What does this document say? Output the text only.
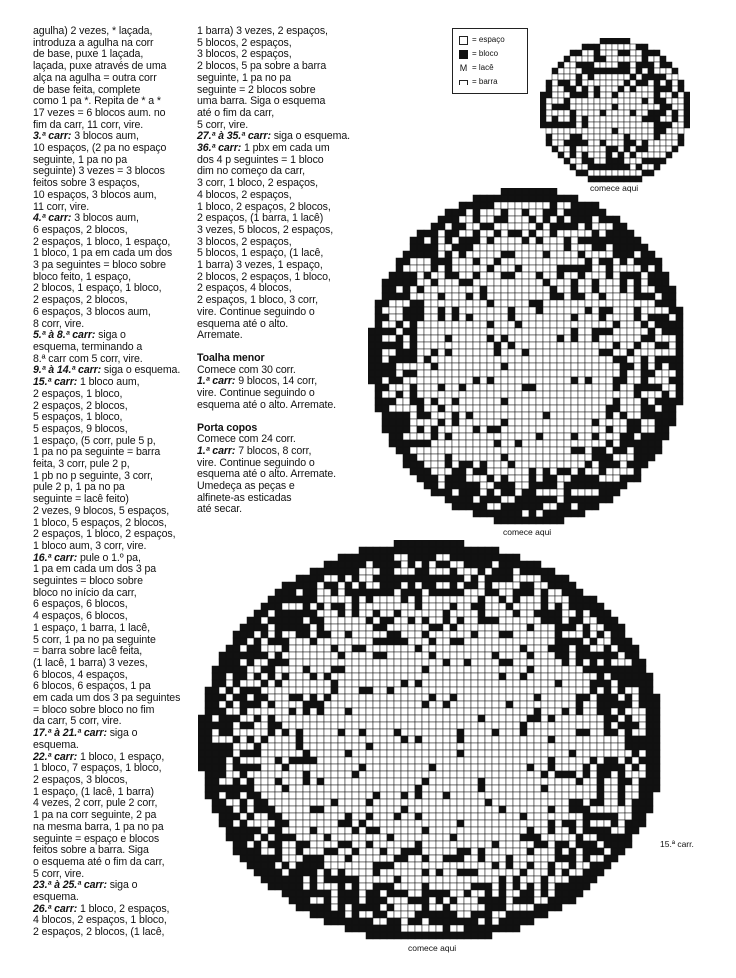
agulha) 2 vezes, * laçada,
introduza a agulha na corr
de base, puxe 1 laçada,
laçada, puxe através de uma
alça na agulha = outra corr
de base feita, complete
como 1 pa *. Repita de * a *
17 vezes = 6 blocos aum. no
fim da carr, 11 corr, vire.
3.ª carr: 3 blocos aum,
10 espaços, (2 pa no espaço
seguinte, 1 pa no pa
seguinte) 3 vezes = 3 blocos
feitos sobre 3 espaços,
10 espaços, 3 blocos aum,
11 corr, vire.
4.ª carr: 3 blocos aum,
6 espaços, 2 blocos,
2 espaços, 1 bloco, 1 espaço,
1 bloco, 1 pa em cada um dos
3 pa seguintes = bloco sobre
bloco feito, 1 espaço,
2 blocos, 1 espaço, 1 bloco,
2 espaços, 2 blocos,
6 espaços, 3 blocos aum,
8 corr, vire.
5.ª à 8.ª carr: siga o
esquema, terminando a
8.ª carr com 5 corr, vire.
9.ª à 14.ª carr: siga o esquema.
15.ª carr: 1 bloco aum,
2 espaços, 1 bloco,
2 espaços, 2 blocos,
5 espaços, 1 bloco,
5 espaços, 9 blocos,
1 espaço, (5 corr, pule 5 p,
1 pa no pa seguinte = barra
feita, 3 corr, pule 2 p,
1 pb no p seguinte, 3 corr,
pule 2 p, 1 pa no pa
seguinte = lacê feito)
2 vezes, 9 blocos, 5 espaços,
1 bloco, 5 espaços, 2 blocos,
2 espaços, 1 bloco, 2 espaços,
1 bloco aum, 3 corr, vire.
16.ª carr: pule o 1.º pa,
1 pa em cada um dos 3 pa
seguintes = bloco sobre
bloco no início da carr,
6 espaços, 6 blocos,
4 espaços, 6 blocos,
1 espaço, 1 barra, 1 lacê,
5 corr, 1 pa no pa seguinte
= barra sobre lacê feita,
(1 lacê, 1 barra) 3 vezes,
6 blocos, 4 espaços,
6 blocos, 6 espaços, 1 pa
em cada um dos 3 pa seguintes
= bloco sobre bloco no fim
da carr, 5 corr, vire.
17.ª à 21.ª carr: siga o
esquema.
22.ª carr: 1 bloco, 1 espaço,
1 bloco, 7 espaços, 1 bloco,
2 espaços, 3 blocos,
1 espaço, (1 lacê, 1 barra)
4 vezes, 2 corr, pule 2 corr,
1 pa na corr seguinte, 2 pa
na mesma barra, 1 pa no pa
seguinte = espaço e blocos
feitos sobre a barra. Siga
o esquema até o fim da carr,
5 corr, vire.
23.ª à 25.ª carr: siga o
esquema.
26.ª carr: 1 bloco, 2 espaços,
4 blocos, 2 espaços, 1 bloco,
2 espaços, 2 blocos, (1 lacê,
1 barra) 3 vezes, 2 espaços,
5 blocos, 2 espaços,
3 blocos, 2 espaços,
2 blocos, 5 pa sobre a barra
seguinte, 1 pa no pa
seguinte = 2 blocos sobre
uma barra. Siga o esquema
até o fim da carr,
5 corr, vire.
27.ª à 35.ª carr: siga o esquema.
36.ª carr: 1 pbx em cada um
dos 4 p seguintes = 1 bloco
dim no começo da carr,
3 corr, 1 bloco, 2 espaços,
4 blocos, 2 espaços,
1 bloco, 2 espaços, 2 blocos,
2 espaços, (1 barra, 1 lacê)
3 vezes, 5 blocos, 2 espaços,
3 blocos, 2 espaços,
5 blocos, 1 espaço, (1 lacê,
1 barra) 3 vezes, 1 espaço,
2 blocos, 2 espaços, 1 bloco,
2 espaços, 4 blocos,
2 espaços, 1 bloco, 3 corr,
vire. Continue seguindo o
esquema até o alto.
Arremate.
Toalha menor
Comece com 30 corr.
1.ª carr: 9 blocos, 14 corr,
vire. Continue seguindo o
esquema até o alto. Arremate.
Porta copos
Comece com 24 corr.
1.ª carr: 7 blocos, 8 corr,
vire. Continue seguindo o
esquema até o alto. Arremate.
Umedeça as peças e
alfinete-as esticadas
até secar.
= espaço
= bloco
M = lacê
= barra
comece aqui
comece aqui
comece aqui
15.ª carr.
